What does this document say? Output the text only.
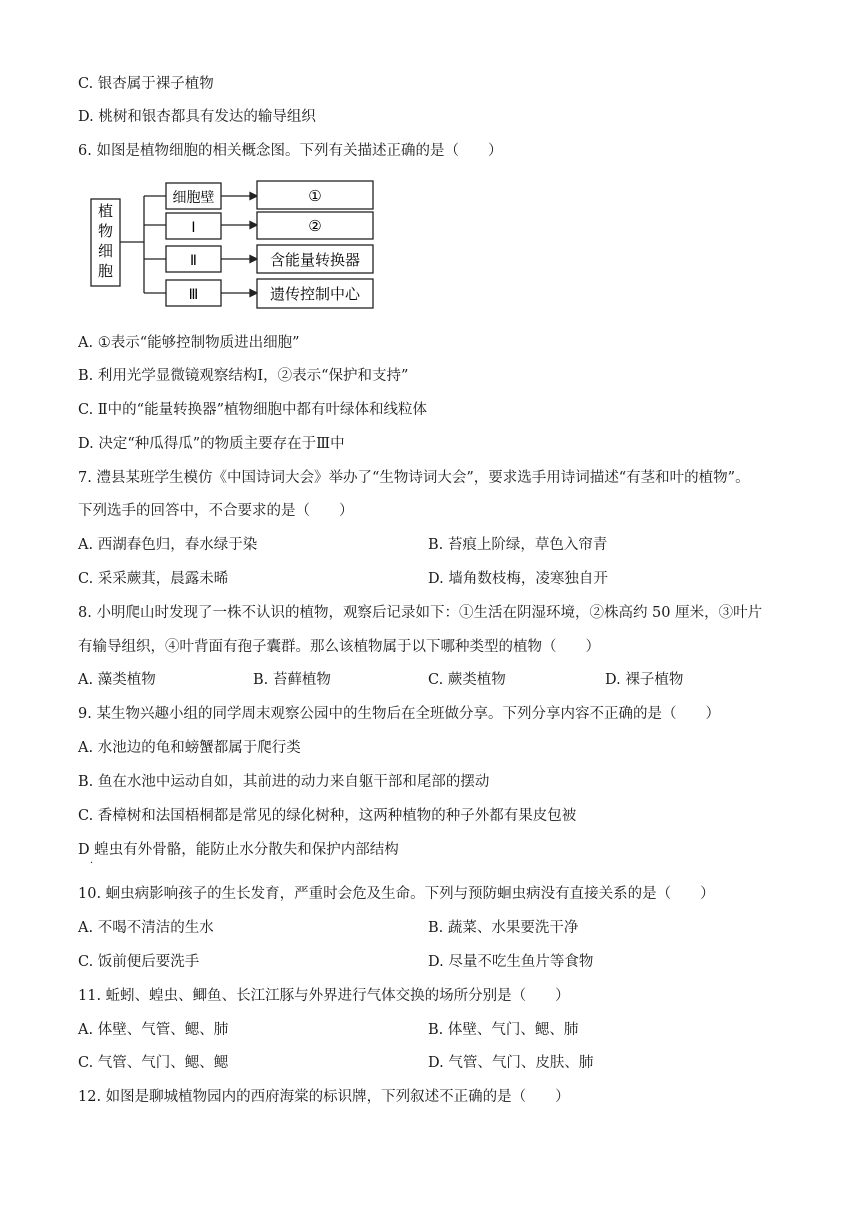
C. 银杏属于裸子植物
D. 桃树和银杏都具有发达的输导组织
6. 如图是植物细胞的相关概念图。下列有关描述正确的是（　　）
植
物
细
胞
细胞壁
Ⅰ
Ⅱ
Ⅲ
①
②
含能量转换器
遗传控制中心
A. ①表示“能够控制物质进出细胞”
B. 利用光学显微镜观察结构Ⅰ，②表示“保护和支持”
C. Ⅱ中的“能量转换器”植物细胞中都有叶绿体和线粒体
D. 决定“种瓜得瓜”的物质主要存在于Ⅲ中
7. 澧县某班学生模仿《中国诗词大会》举办了“生物诗词大会”，要求选手用诗词描述“有茎和叶的植物”。
下列选手的回答中，不合要求的是（　　）
A. 西湖春色归，春水绿于染	B. 苔痕上阶绿，草色入帘青
C. 采采蕨萁，晨露未晞	D. 墙角数枝梅，凌寒独自开
8. 小明爬山时发现了一株不认识的植物，观察后记录如下：①生活在阴湿环境，②株高约 50 厘米，③叶片
有输导组织，④叶背面有孢子囊群。那么该植物属于以下哪种类型的植物（　　）
A. 藻类植物	B. 苔藓植物	C. 蕨类植物	D. 裸子植物
9. 某生物兴趣小组的同学周末观察公园中的生物后在全班做分享。下列分享内容不正确的是（　　）
A. 水池边的龟和螃蟹都属于爬行类
B. 鱼在水池中运动自如，其前进的动力来自躯干部和尾部的摆动
C. 香樟树和法国梧桐都是常见的绿化树种，这两种植物的种子外都有果皮包被
D 蝗虫有外骨骼，能防止水分散失和保护内部结构
·
10. 蛔虫病影响孩子的生长发育，严重时会危及生命。下列与预防蛔虫病没有直接关系的是（　　）
A. 不喝不清洁的生水	B. 蔬菜、水果要洗干净
C. 饭前便后要洗手	D. 尽量不吃生鱼片等食物
11. 蚯蚓、蝗虫、鲫鱼、长江江豚与外界进行气体交换的场所分别是（　　）
A. 体壁、气管、鳃、肺	B. 体壁、气门、鳃、肺
C. 气管、气门、鳃、鳃	D. 气管、气门、皮肤、肺
12. 如图是聊城植物园内的西府海棠的标识牌，下列叙述不正确的是（　　）
